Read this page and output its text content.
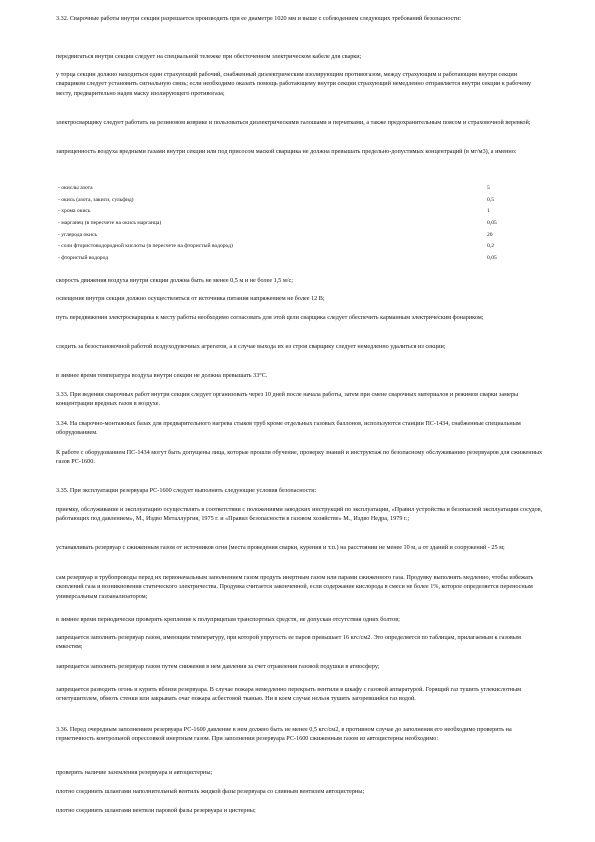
3.32. Сварочные работы внутри секции разрешается производить при ее диаметре 1020 мм и выше с соблюдением следующих требований безопасности:

передвигаться внутри секции следует на специальной тележке при обесточенном электрическом кабеле для сварки;

у торца секции должно находиться один страхующий рабочий, снабженный диэлектрическим изолирующим противогазом, между страхующим и работающим внутри секции сварщиком следует установить сигнальную связь; если необходимо оказать помощь работающему внутри секции страхующий немедленно отправляется внутри секции к рабочему месту, предварительно надев маску изолирующего противогаза;

электросварщику следует работать на резиновом коврике и пользоваться диэлектрическими галошами и перчатками, а также предохранительным поясом и страховочной веревкой;

запрещенность воздуха вредными газами внутри секции или под присосом маской сварщика не должна превышать предельно-допустимых концентраций (в мг/м3), а именно:

- окислы азота	5
- окись (азота, закиси, сульфид)	0,5
- хрома окись	1
- марганец (в пересчете на окись марганца)	0,05
- углерода окись	20
- соли фтористоводородной кислоты (в пересчете на фтористый водород)	0,2
- фтористый водород	0,05

скорость движения воздуха внутри секции должна быть не менее 0,5 м и не более 1,5 м/с;

освещение внутри секции должно осуществляться от источника питания напряжением не более 12 В;

путь передвижения электросварщика к месту работы необходимо согласовать для этой цели сварщика следует обеспечить карманным электрическим фонариком;

следить за безостановочной работой воздуходувочных агрегатов, а в случае выхода их из строя сварщику следует немедленно удалиться из секции;

в зимнее время температура воздуха внутри секции не должна превышать 33°С.

3.33. При ведении сварочных работ внутри секции следует организовать через 10 дней после начала работы, затем при смене сварочных материалов и режимов сварки замеры концентрации вредных газов в воздухе.

3.34. На сварочно-монтажных базах для предварительного нагрева стыков труб кроме отдельных газовых баллонов, используются станции ПС-1434, снабженные специальным оборудованием.

К работе с оборудованием ПС-1434 могут быть допущены лица, которые прошли обучение, проверку знаний и инструктаж по безопасному обслуживанию резервуаров для сжиженных газов РС-1600.

3.35. При эксплуатации резервуара РС-1600 следует выполнять следующие условия безопасности:

приемку, обслуживание и эксплуатацию осуществлять в соответствии с положениями заводских инструкций по эксплуатации, «Правил устройства и безопасной эксплуатации сосудов, работающих под давлением», М., Издво Металлургия, 1975 г. и «Правил безопасности в газовом хозяйстве» М., Издво Недра, 1979 г.;

устанавливать резервуар с сжиженным газом от источников огня (места проведения сварки, курения и т.п.) на расстоянии не менее 10 м, а от зданий и сооружений - 25 м;

сам резервуар и трубопроводы перед их первоначальным заполнением газом продуть инертным газом или парами сжиженного газа. Продувку выполнять медленно, чтобы избежать скоплений газа и возникновения статического электричества. Продувка считается законченной, если содержание кислорода в смеси не более 1%, которое определяется переносным универсальным газоанализатором;

в зимнее время периодически проверять крепление к полуприцепам транспортных средств, не допуская отсутствия одних болтов;

запрещается заполнять резервуар газом, имеющим температуру, при которой упругость ее паров превышает 16 кгс/см2. Это определяется по таблицам, прилагаемым к газовым емкостям;

запрещается заполнять резервуар газом путем снижения в нем давления за счет отравления газовой подушки в атмосферу;

запрещается разводить огонь и курить вблизи резервуара. В случае пожара немедленно перекрыть вентили в шкафу с газовой аппаратурой. Горящий газ тушить углекислотным огнетушителем, обмоть стенки или закрывать очаг пожара асбестовой тканью. Ни в коем случае нельзя тушить загоревшийся газ водой.

3.36. Перед очередным заполнением резервуара РС-1600 давление в нем должно быть не менее 0,5 кгс/см2, в противном случае до заполнения его необходимо проверить на герметичность контрольной опрессовкой инертным газом. При заполнении резервуара РС-1600 сжиженным газом из автоцистерны необходимо:

проверить наличие заземления резервуара и автоцистерны;

плотно соединить шлангами наполнительный вентиль жидкой фазы резервуара со сливным вентилем автоцистерны;

плотно соединить шлангами вентили паровой фазы резервуара и цистерны;
